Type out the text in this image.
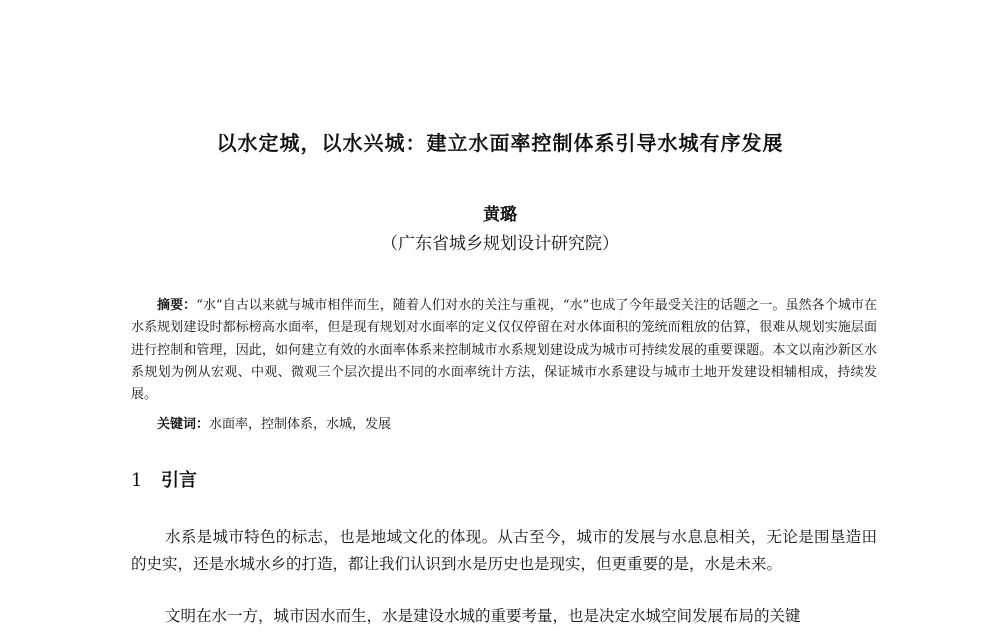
以水定城，以水兴城：建立水面率控制体系引导水城有序发展
黄璐
（广东省城乡规划设计研究院）
摘要：“水”自古以来就与城市相伴而生，随着人们对水的关注与重视，“水”也成了今年最受关注的话题之一。虽然各个城市在水系规划建设时都标榜高水面率，但是现有规划对水面率的定义仅仅停留在对水体面积的笼统而粗放的估算，很难从规划实施层面进行控制和管理，因此，如何建立有效的水面率体系来控制城市水系规划建设成为城市可持续发展的重要课题。本文以南沙新区水系规划为例从宏观、中观、微观三个层次提出不同的水面率统计方法，保证城市水系建设与城市土地开发建设相辅相成，持续发展。
关键词：水面率，控制体系，水城，发展
1 引言
水系是城市特色的标志，也是地域文化的体现。从古至今，城市的发展与水息息相关，无论是围垦造田的史实，还是水城水乡的打造，都让我们认识到水是历史也是现实，但更重要的是，水是未来。
文明在水一方，城市因水而生，水是建设水城的重要考量，也是决定水城空间发展布局的关键
